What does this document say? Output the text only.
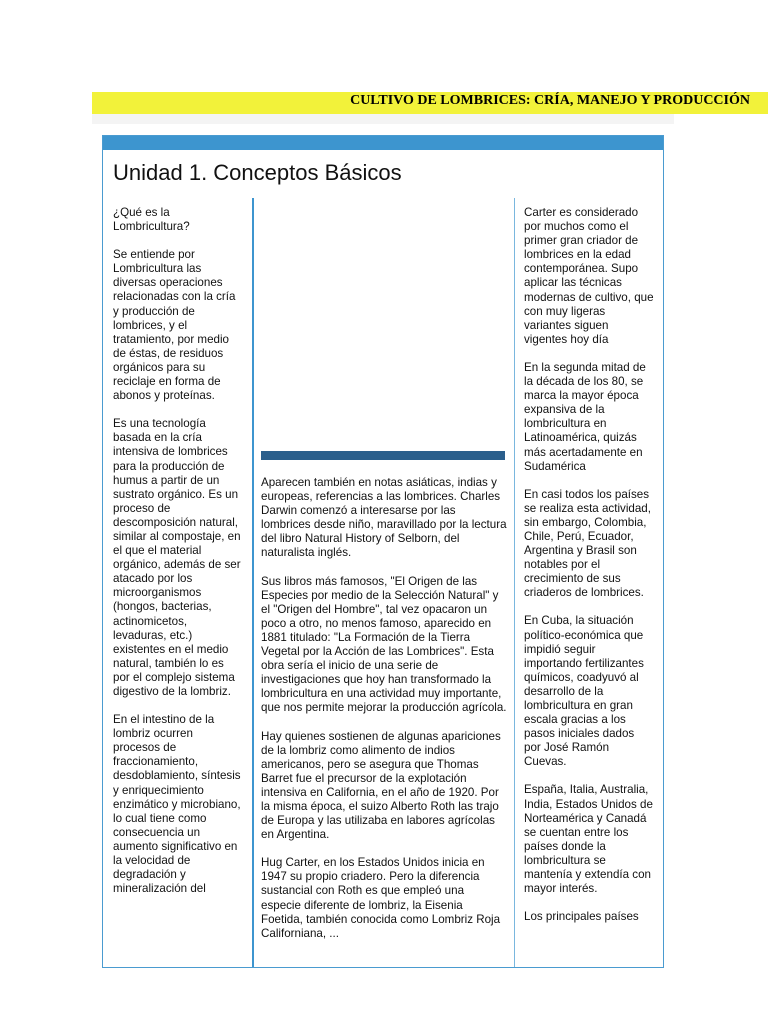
CULTIVO DE LOMBRICES: CRÍA, MANEJO Y PRODUCCIÓN
Unidad 1. Conceptos Básicos

¿Qué es la Lombricultura?

Se entiende por Lombricultura las diversas operaciones relacionadas con la cría y producción de lombrices, y el tratamiento, por medio de éstas, de residuos orgánicos para su reciclaje en forma de abonos y proteínas.

Es una tecnología basada en la cría intensiva de lombrices para la producción de humus a partir de un sustrato orgánico. Es un proceso de descomposición natural, similar al compostaje, en el que el material orgánico, además de ser atacado por los microorganismos (hongos, bacterias, actinomicetos, levaduras, etc.) existentes en el medio natural, también lo es por el complejo sistema digestivo de la lombriz.

En el intestino de la lombriz ocurren procesos de fraccionamiento, desdoblamiento, síntesis y enriquecimiento enzimático y microbiano, lo cual tiene como consecuencia un aumento significativo en la velocidad de degradación y mineralización del

Aparecen también en notas asiáticas, indias y europeas, referencias a las lombrices. Charles Darwin comenzó a interesarse por las lombrices desde niño, maravillado por la lectura del libro Natural History of Selborn, del naturalista inglés.

Sus libros más famosos, "El Origen de las Especies por medio de la Selección Natural" y el "Origen del Hombre", tal vez opacaron un poco a otro, no menos famoso, aparecido en 1881 titulado: "La Formación de la Tierra Vegetal por la Acción de las Lombrices". Esta obra sería el inicio de una serie de investigaciones que hoy han transformado la lombricultura en una actividad muy importante, que nos permite mejorar la producción agrícola.

Hay quienes sostienen de algunas apariciones de la lombriz como alimento de indios americanos, pero se asegura que Thomas Barret fue el precursor de la explotación intensiva en California, en el año de 1920. Por la misma época, el suizo Alberto Roth las trajo de Europa y las utilizaba en labores agrícolas en Argentina.

Hug Carter, en los Estados Unidos inicia en 1947 su propio criadero. Pero la diferencia sustancial con Roth es que empleó una especie diferente de lombriz, la Eisenia Foetida, también conocida como Lombriz Roja Californiana, ...

Carter es considerado por muchos como el primer gran criador de lombrices en la edad contemporánea. Supo aplicar las técnicas modernas de cultivo, que con muy ligeras variantes siguen vigentes hoy día

En la segunda mitad de la década de los 80, se marca la mayor época expansiva de la lombricultura en Latinoamérica, quizás más acertadamente en Sudamérica

En casi todos los países se realiza esta actividad, sin embargo, Colombia, Chile, Perú, Ecuador, Argentina y Brasil son notables por el crecimiento de sus criaderos de lombrices.

En Cuba, la situación político-económica que impidió seguir importando fertilizantes químicos, coadyuvó al desarrollo de la lombricultura en gran escala gracias a los pasos iniciales dados por José Ramón Cuevas.

España, Italia, Australia, India, Estados Unidos de Norteamérica y Canadá se cuentan entre los países donde la lombricultura se mantenía y extendía con mayor interés.

Los principales países
